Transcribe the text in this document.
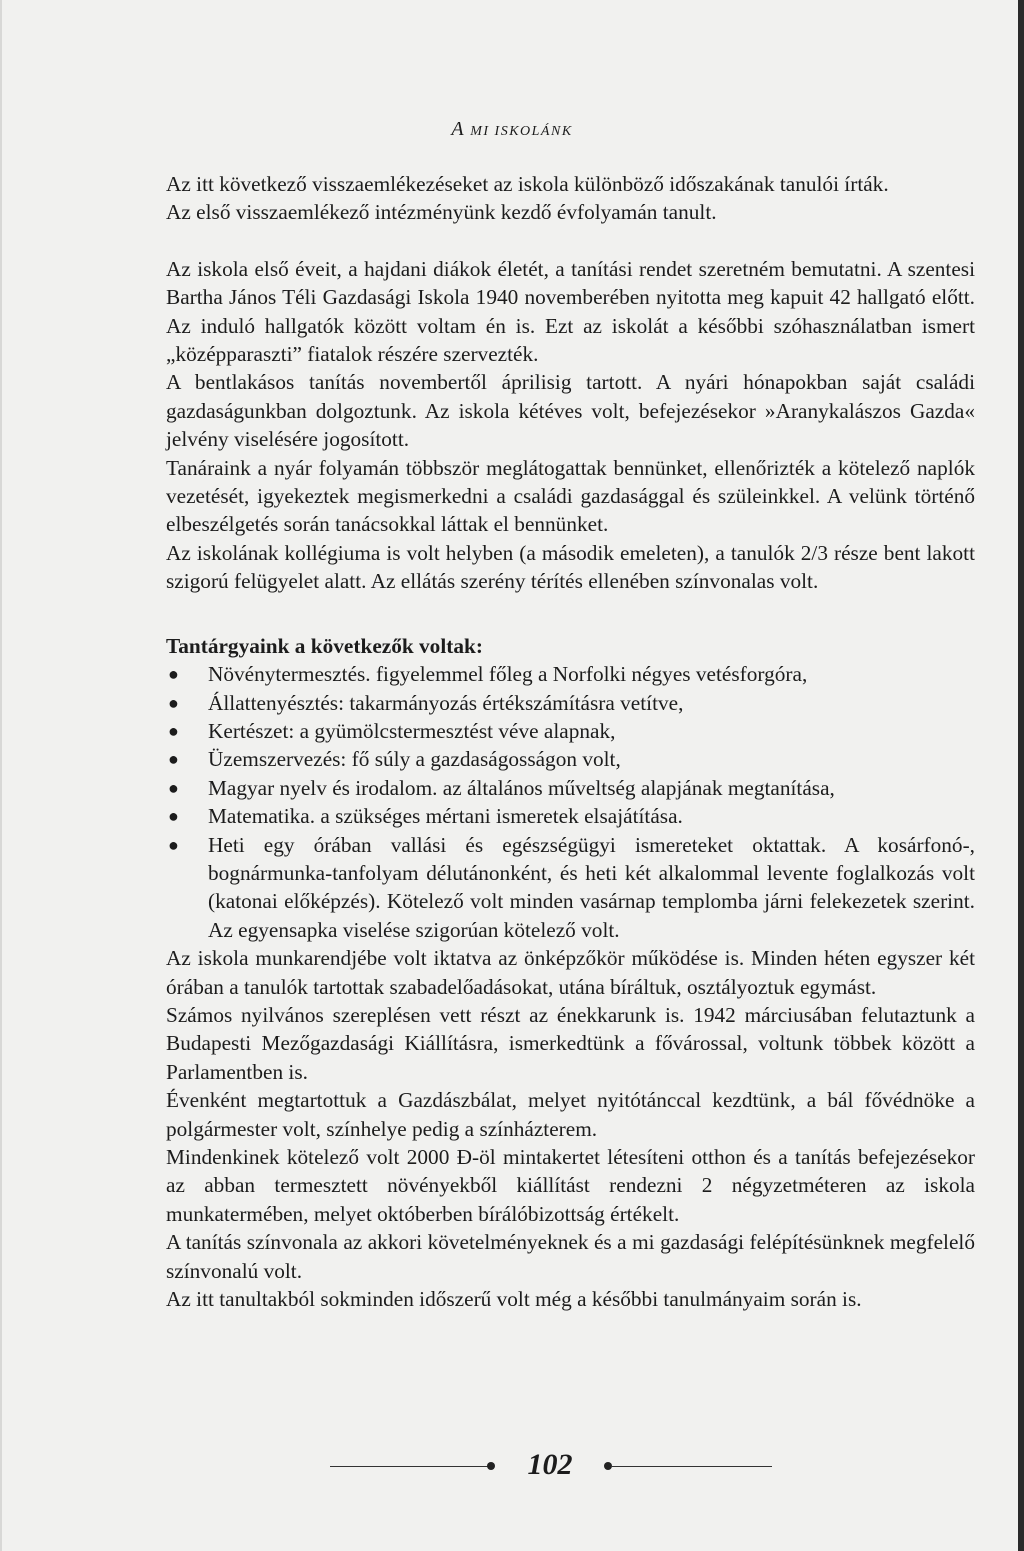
A MI ISKOLÁNK

Az itt következő visszaemlékezéseket az iskola különböző időszakának tanulói írták.

Az első visszaemlékező intézményünk kezdő évfolyamán tanult.

Az iskola első éveit, a hajdani diákok életét, a tanítási rendet szeretném bemutatni. A szentesi Bartha János Téli Gazdasági Iskola 1940 novemberében nyitotta meg kapuit 42 hallgató előtt. Az induló hallgatók között voltam én is. Ezt az iskolát a későbbi szóhasználatban ismert „középparaszti” fiatalok részére szervezték.

A bentlakásos tanítás novembertől áprilisig tartott. A nyári hónapokban saját családi gazdaságunkban dolgoztunk. Az iskola kétéves volt, befejezésekor »Aranykalászos Gazda« jelvény viselésére jogosított.

Tanáraink a nyár folyamán többször meglátogattak bennünket, ellenőrizték a kötelező naplók vezetését, igyekeztek megismerkedni a családi gazdasággal és szüleinkkel. A velünk történő elbeszélgetés során tanácsokkal láttak el bennünket.

Az iskolának kollégiuma is volt helyben (a második emeleten), a tanulók 2/3 része bent lakott szigorú felügyelet alatt. Az ellátás szerény térítés ellenében színvonalas volt.

Tantárgyaink a következők voltak:

● Növénytermesztés. figyelemmel főleg a Norfolki négyes vetésforgóra,
● Állattenyésztés: takarmányozás értékszámításra vetítve,
● Kertészet: a gyümölcstermesztést véve alapnak,
● Üzemszervezés: fő súly a gazdaságosságon volt,
● Magyar nyelv és irodalom. az általános műveltség alapjának megtanítása,
● Matematika. a szükséges mértani ismeretek elsajátítása.
● Heti egy órában vallási és egészségügyi ismereteket oktattak. A kosárfonó-, bognármunka-tanfolyam délutánonként, és heti két alkalommal levente foglalkozás volt (katonai előképzés). Kötelező volt minden vasárnap templomba járni felekezetek szerint. Az egyensapka viselése szigorúan kötelező volt.

Az iskola munkarendjébe volt iktatva az önképzőkör működése is. Minden héten egyszer két órában a tanulók tartottak szabadelőadásokat, utána bíráltuk, osztályoztuk egymást.

Számos nyilvános szereplésen vett részt az énekkarunk is. 1942 márciusában felutaztunk a Budapesti Mezőgazdasági Kiállításra, ismerkedtünk a fővárossal, voltunk többek között a Parlamentben is.

Évenként megtartottuk a Gazdászbálat, melyet nyitótánccal kezdtünk, a bál fővédnöke a polgármester volt, színhelye pedig a színházterem.

Mindenkinek kötelező volt 2000 Đ-öl mintakertet létesíteni otthon és a tanítás befejezésekor az abban termesztett növényekből kiállítást rendezni 2 négyzetméteren az iskola munkatermében, melyet októberben bírálóbizottság értékelt.

A tanítás színvonala az akkori követelményeknek és a mi gazdasági felépítésünknek megfelelő színvonalú volt.

Az itt tanultakból sokminden időszerű volt még a későbbi tanulmányaim során is.

102
